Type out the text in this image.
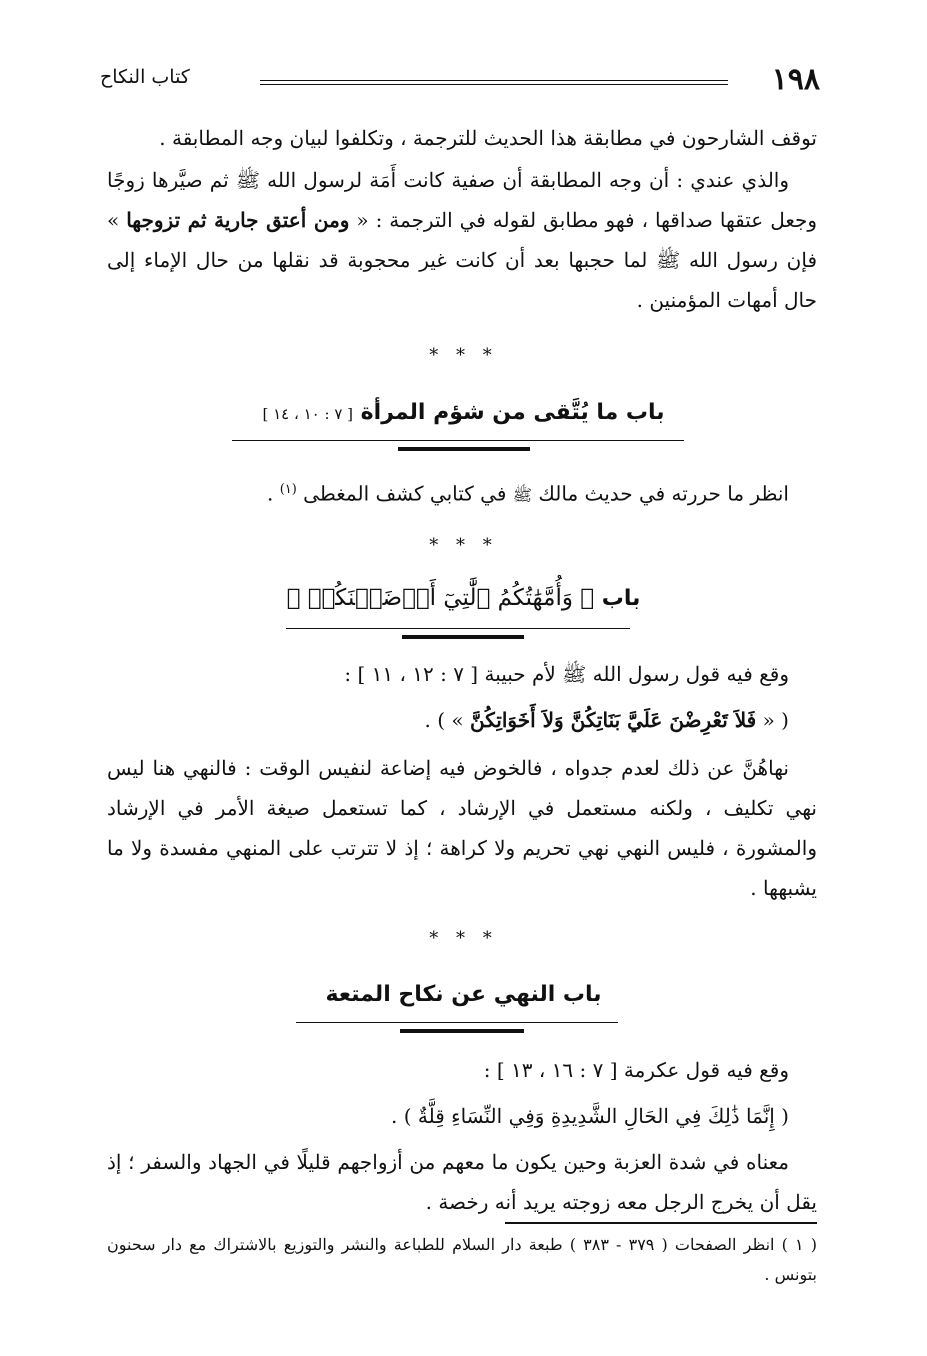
١٩٨
كتاب النكاح

توقف الشارحون في مطابقة هذا الحديث للترجمة ، وتكلفوا لبيان وجه المطابقة .

والذي عندي : أن وجه المطابقة أن صفية كانت أَمَة لرسول الله ﷺ ثم صيَّرها زوجًا وجعل عتقها صداقها ، فهو مطابق لقوله في الترجمة : « ومن أعتق جارية ثم تزوجها » فإن رسول الله ﷺ لما حجبها بعد أن كانت غير محجوبة قد نقلها من حال الإماء إلى حال أمهات المؤمنين .

* * *
باب ما يُتَّقى من شؤم المرأة [ ٧ : ١٠ ، ١٤ ]

انظر ما حررته في حديث مالك ﷺ في كتابي كشف المغطى $^{(١)}$ .

* * *
باب ﴿ وَأُمَّهَٰتُكُمُ ٱلَّٰتِيٓ أَرۡضَعۡنَكُمۡ ﴾

وقع فيه قول رسول الله ﷺ لأم حبيبة [ ٧ : ١٢ ، ١١ ] :

( « فَلاَ تَعْرِضْنَ عَلَيَّ بَنَاتِكُنَّ وَلاَ أَخَوَاتِكُنَّ » ) .

نهاهُنَّ عن ذلك لعدم جدواه ، فالخوض فيه إضاعة لنفيس الوقت : فالنهي هنا ليس نهي تكليف ، ولكنه مستعمل في الإرشاد ، كما تستعمل صيغة الأمر في الإرشاد والمشورة ، فليس النهي نهي تحريم ولا كراهة ؛ إذ لا تترتب على المنهي مفسدة ولا ما يشبهها .

* * *
باب النهي عن نكاح المتعة

وقع فيه قول عكرمة [ ٧ : ١٦ ، ١٣ ] :

( إِنَّمَا ذَٰلِكَ فِي الحَالِ الشَّدِيدِةِ وَفِي النِّسَاءِ قِلَّةٌ ) .

معناه في شدة العزبة وحين يكون ما معهم من أزواجهم قليلًا في الجهاد والسفر ؛ إذ يقل أن يخرج الرجل معه زوجته يريد أنه رخصة .

( ١ ) انظر الصفحات ( ٣٧٩ - ٣٨٣ ) طبعة دار السلام للطباعة والنشر والتوزيع بالاشتراك مع دار سحنون بتونس .
